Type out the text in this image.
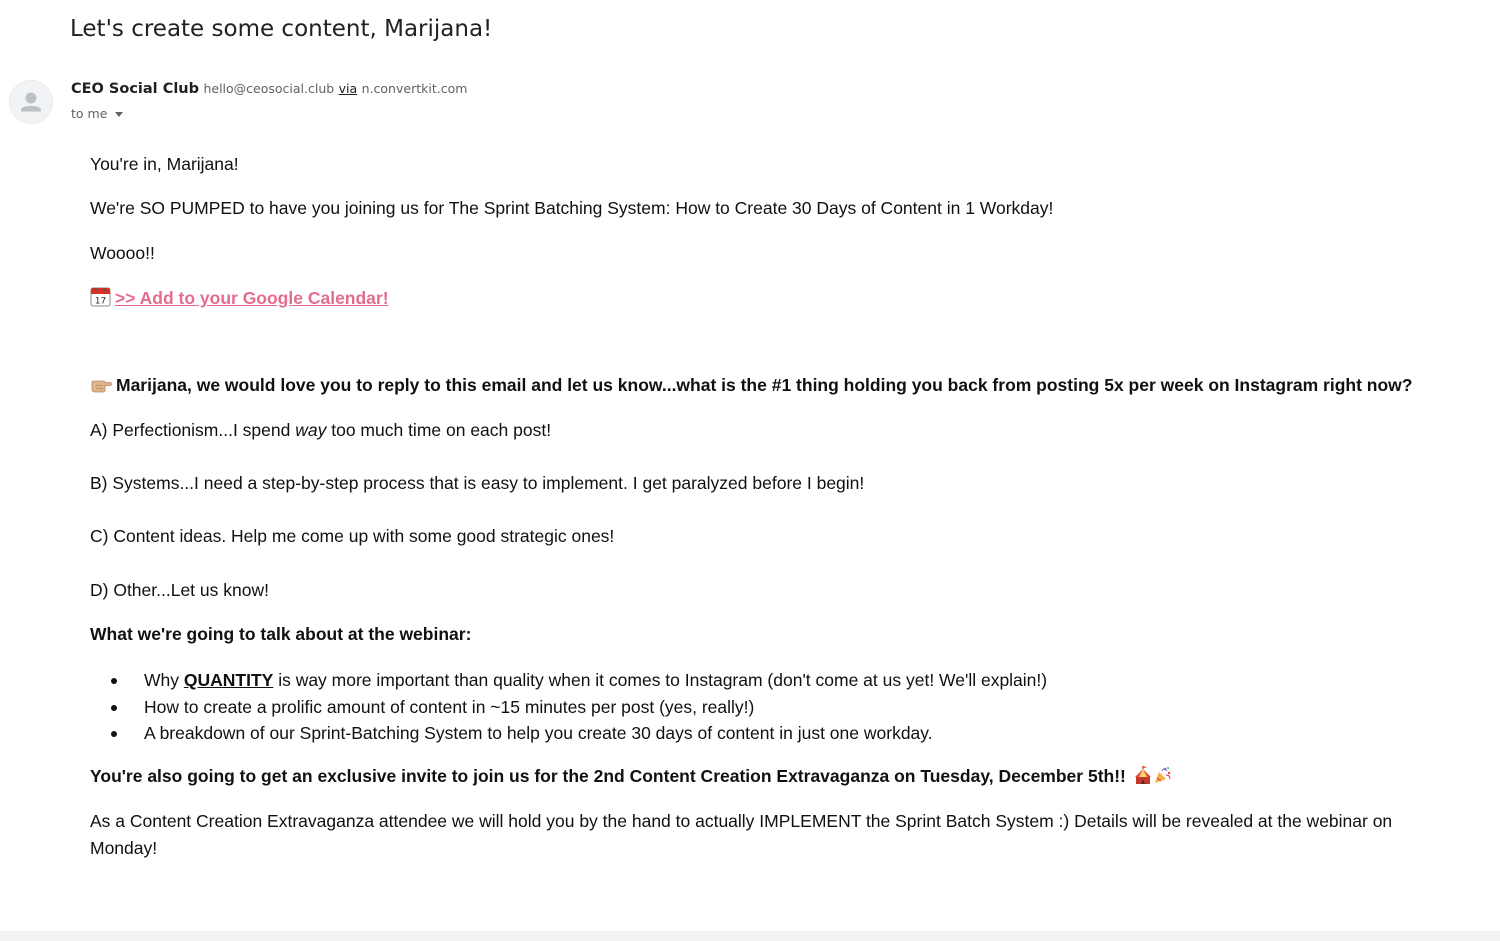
Let's create some content, Marijana!
CEO Social Club hello@ceosocial.club via n.convertkit.com
to me
You're in, Marijana!
We're SO PUMPED to have you joining us for The Sprint Batching System: How to Create 30 Days of Content in 1 Workday!
Woooo!!
17 >> Add to your Google Calendar!
Marijana, we would love you to reply to this email and let us know...what is the #1 thing holding you back from posting 5x per week on Instagram right now?
A) Perfectionism...I spend way too much time on each post!
B) Systems...I need a step-by-step process that is easy to implement. I get paralyzed before I begin!
C) Content ideas. Help me come up with some good strategic ones!
D) Other...Let us know!
What we're going to talk about at the webinar:
Why QUANTITY is way more important than quality when it comes to Instagram (don't come at us yet! We'll explain!)
How to create a prolific amount of content in ~15 minutes per post (yes, really!)
A breakdown of our Sprint-Batching System to help you create 30 days of content in just one workday.
You're also going to get an exclusive invite to join us for the 2nd Content Creation Extravaganza on Tuesday, December 5th!!
As a Content Creation Extravaganza attendee we will hold you by the hand to actually IMPLEMENT the Sprint Batch System :) Details will be revealed at the webinar on Monday!
